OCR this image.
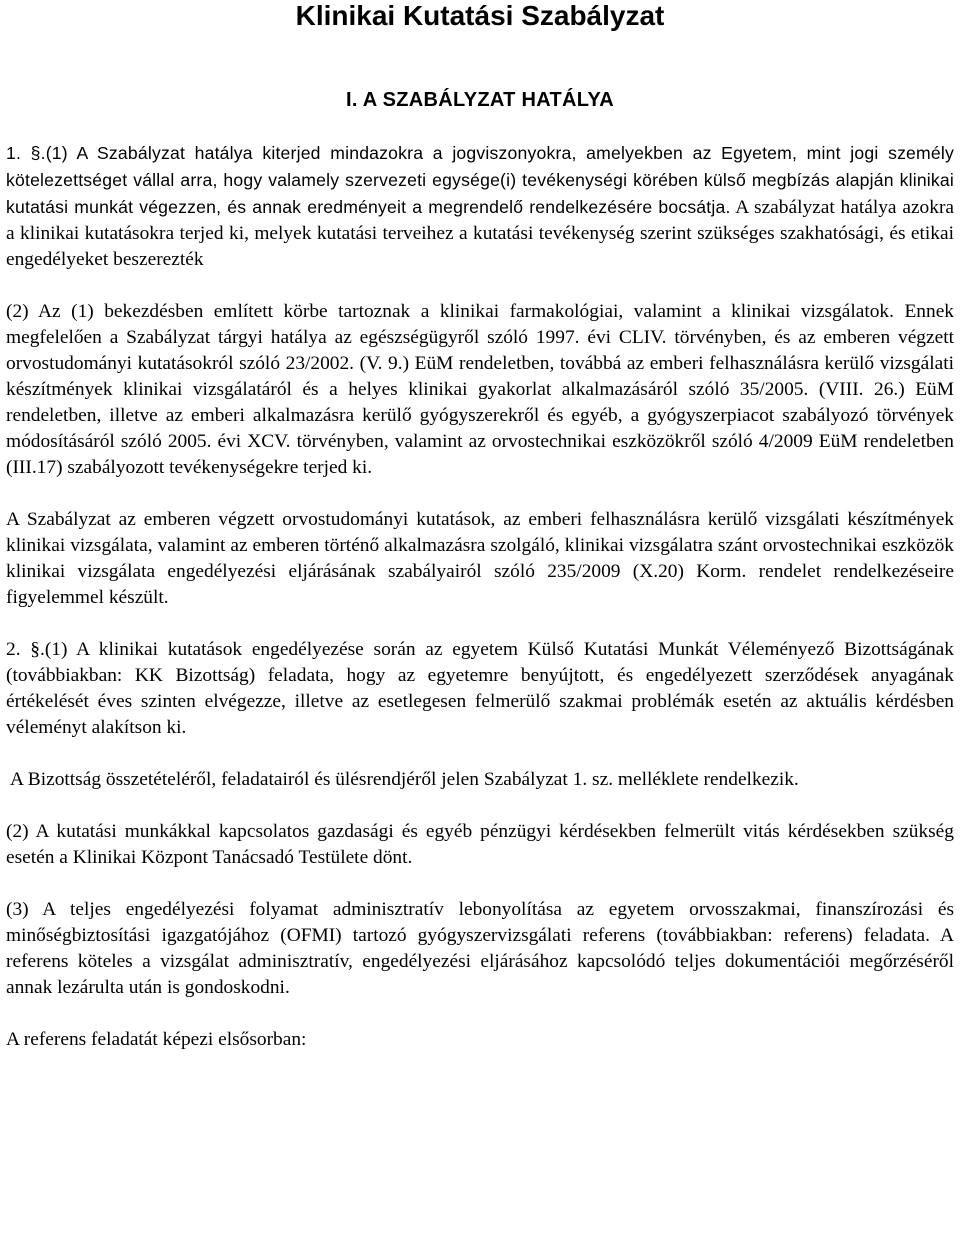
Klinikai Kutatási Szabályzat
I. A SZABÁLYZAT HATÁLYA

1. §.(1) A Szabályzat hatálya kiterjed mindazokra a jogviszonyokra, amelyekben az Egyetem, mint jogi személy kötelezettséget vállal arra, hogy valamely szervezeti egysége(i) tevékenységi körében külső megbízás alapján klinikai kutatási munkát végezzen, és annak eredményeit a megrendelő rendelkezésére bocsátja. A szabályzat hatálya azokra a klinikai kutatásokra terjed ki, melyek kutatási terveihez a kutatási tevékenység szerint szükséges szakhatósági, és etikai engedélyeket beszerezték

(2) Az (1) bekezdésben említett körbe tartoznak a klinikai farmakológiai, valamint a klinikai vizsgálatok. Ennek megfelelően a Szabályzat tárgyi hatálya az egészségügyről szóló 1997. évi CLIV. törvényben, és az emberen végzett orvostudományi kutatásokról szóló 23/2002. (V. 9.) EüM rendeletben, továbbá az emberi felhasználásra kerülő vizsgálati készítmények klinikai vizsgálatáról és a helyes klinikai gyakorlat alkalmazásáról szóló 35/2005. (VIII. 26.) EüM rendeletben, illetve az emberi alkalmazásra kerülő gyógyszerekről és egyéb, a gyógyszerpiacot szabályozó törvények módosításáról szóló 2005. évi XCV. törvényben, valamint az orvostechnikai eszközökről szóló 4/2009 EüM rendeletben (III.17) szabályozott tevékenységekre terjed ki.

A Szabályzat az emberen végzett orvostudományi kutatások, az emberi felhasználásra kerülő vizsgálati készítmények klinikai vizsgálata, valamint az emberen történő alkalmazásra szolgáló, klinikai vizsgálatra szánt orvostechnikai eszközök klinikai vizsgálata engedélyezési eljárásának szabályairól szóló 235/2009 (X.20) Korm. rendelet rendelkezéseire figyelemmel készült.

2. §.(1) A klinikai kutatások engedélyezése során az egyetem Külső Kutatási Munkát Véleményező Bizottságának (továbbiakban: KK Bizottság) feladata, hogy az egyetemre benyújtott, és engedélyezett szerződések anyagának értékelését éves szinten elvégezze, illetve az esetlegesen felmerülő szakmai problémák esetén az aktuális kérdésben véleményt alakítson ki.

A Bizottság összetételéről, feladatairól és ülésrendjéről jelen Szabályzat 1. sz. melléklete rendelkezik.

(2) A kutatási munkákkal kapcsolatos gazdasági és egyéb pénzügyi kérdésekben felmerült vitás kérdésekben szükség esetén a Klinikai Központ Tanácsadó Testülete dönt.

(3) A teljes engedélyezési folyamat adminisztratív lebonyolítása az egyetem orvosszakmai, finanszírozási és minőségbiztosítási igazgatójához (OFMI) tartozó gyógyszervizsgálati referens (továbbiakban: referens) feladata. A referens köteles a vizsgálat adminisztratív, engedélyezési eljárásához kapcsolódó teljes dokumentációi megőrzéséről annak lezárulta után is gondoskodni.

A referens feladatát képezi elsősorban:
